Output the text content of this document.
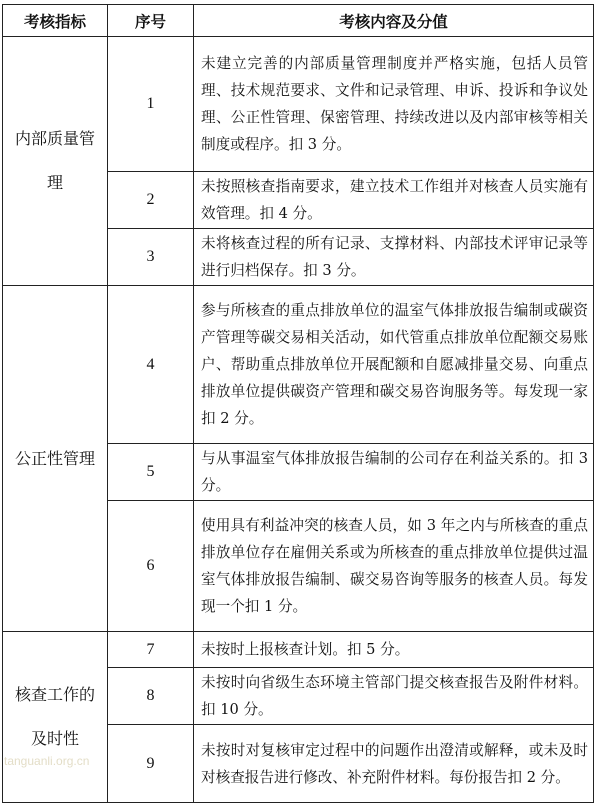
考核指标	序号	考核内容及分值
内部质量管理	1	未建立完善的内部质量管理制度并严格实施，包括人员管理、技术规范要求、文件和记录管理、申诉、投诉和争议处理、公正性管理、保密管理、持续改进以及内部审核等相关制度或程序。扣 3 分。
	2	未按照核查指南要求，建立技术工作组并对核查人员实施有效管理。扣 4 分。
	3	未将核查过程的所有记录、支撑材料、内部技术评审记录等进行归档保存。扣 3 分。
公正性管理	4	参与所核查的重点排放单位的温室气体排放报告编制或碳资产管理等碳交易相关活动，如代管重点排放单位配额交易账户、帮助重点排放单位开展配额和自愿减排量交易、向重点排放单位提供碳资产管理和碳交易咨询服务等。每发现一家扣 2 分。
	5	与从事温室气体排放报告编制的公司存在利益关系的。扣 3 分。
	6	使用具有利益冲突的核查人员，如 3 年之内与所核查的重点排放单位存在雇佣关系或为所核查的重点排放单位提供过温室气体排放报告编制、碳交易咨询等服务的核查人员。每发现一个扣 1 分。
核查工作的及时性	7	未按时上报核查计划。扣 5 分。
	8	未按时向省级生态环境主管部门提交核查报告及附件材料。扣 10 分。
	9	未按时对复核审定过程中的问题作出澄清或解释，或未及时对核查报告进行修改、补充附件材料。每份报告扣 2 分。
tanguanli.org.cn
